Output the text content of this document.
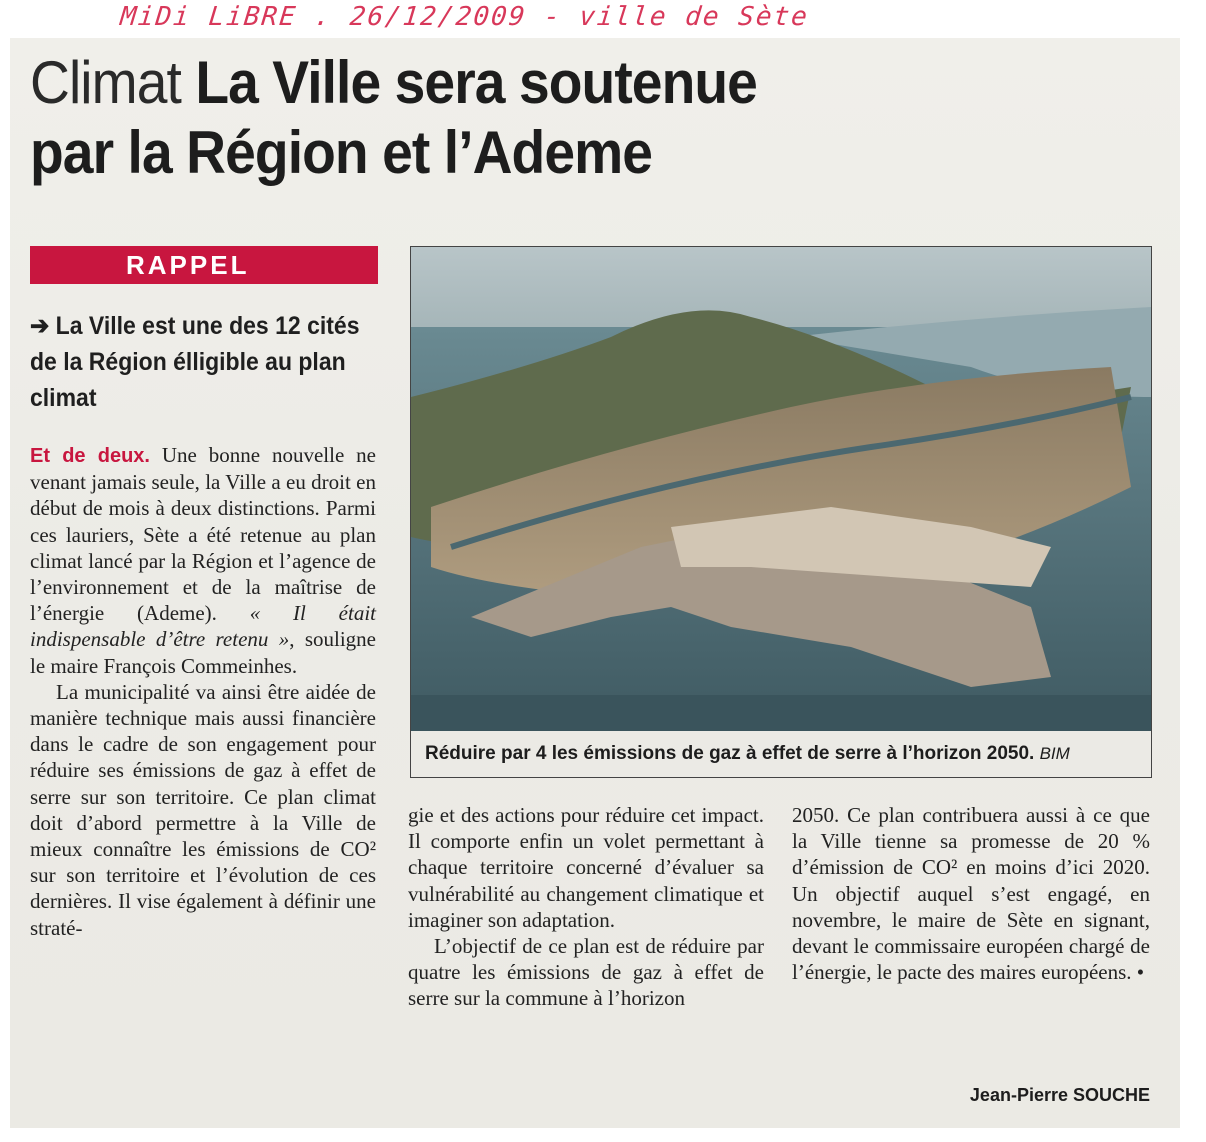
MiDi LiBRE . 26/12/2009 - ville de Sète
Climat La Ville sera soutenue
par la Région et l’Ademe
RAPPEL
➔ La Ville est une des 12 cités de la Région élligible au plan climat
Réduire par 4 les émissions de gaz à effet de serre à l’horizon 2050. BIM

Et de deux. Une bonne nouvelle ne venant jamais seule, la Ville a eu droit en début de mois à deux distinctions. Parmi ces lauriers, Sète a été retenue au plan climat lancé par la Région et l’agence de l’environnement et de la maîtrise de l’énergie (Ademe). « Il était indispensable d’être retenu », souligne le maire François Commeinhes.

La municipalité va ainsi être aidée de manière technique mais aussi financière dans le cadre de son engagement pour réduire ses émissions de gaz à effet de serre sur son territoire. Ce plan climat doit d’abord permettre à la Ville de mieux connaître les émissions de CO² sur son territoire et l’évolution de ces dernières. Il vise également à définir une straté-

gie et des actions pour réduire cet impact. Il comporte enfin un volet permettant à chaque territoire concerné d’évaluer sa vulnérabilité au changement climatique et imaginer son adaptation.

L’objectif de ce plan est de réduire par quatre les émissions de gaz à effet de serre sur la commune à l’horizon

2050. Ce plan contribuera aussi à ce que la Ville tienne sa promesse de 20 % d’émission de CO² en moins d’ici 2020. Un objectif auquel s’est engagé, en novembre, le maire de Sète en signant, devant le commissaire européen chargé de l’énergie, le pacte des maires européens. •

Jean-Pierre SOUCHE
